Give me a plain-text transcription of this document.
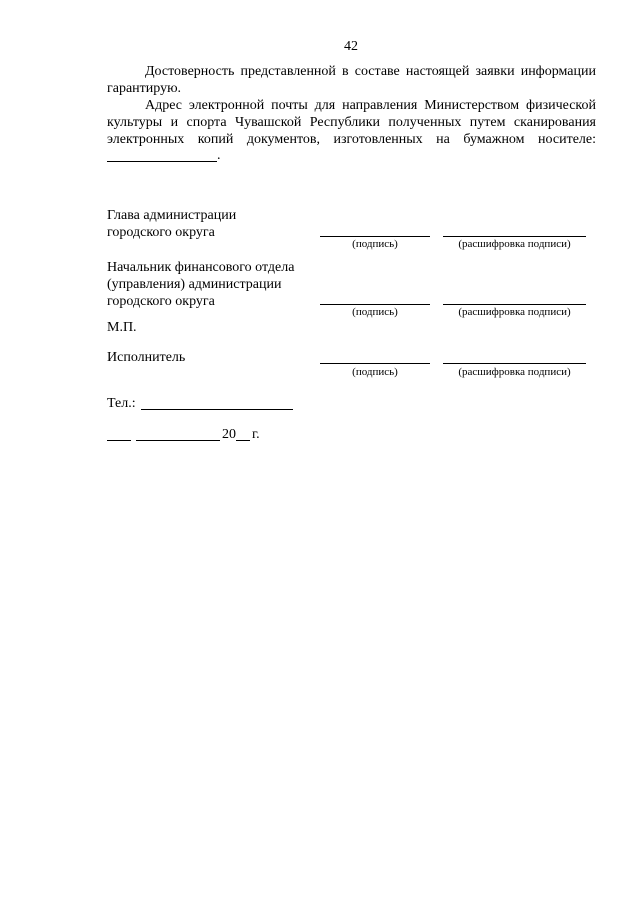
42
Достоверность представленной в составе настоящей заявки информации
гарантирую.
Адрес электронной почты для направления Министерством физической
культуры и спорта Чувашской Республики полученных путем сканирования
электронных копий документов, изготовленных на бумажном носителе:
.
Глава администрации
городского округа
(подпись)	(расшифровка подписи)
Начальник финансового отдела
(управления) администрации
городского округа
(подпись)	(расшифровка подписи)
М.П.
Исполнитель
(подпись)	(расшифровка подписи)
Тел.:
20 г.
